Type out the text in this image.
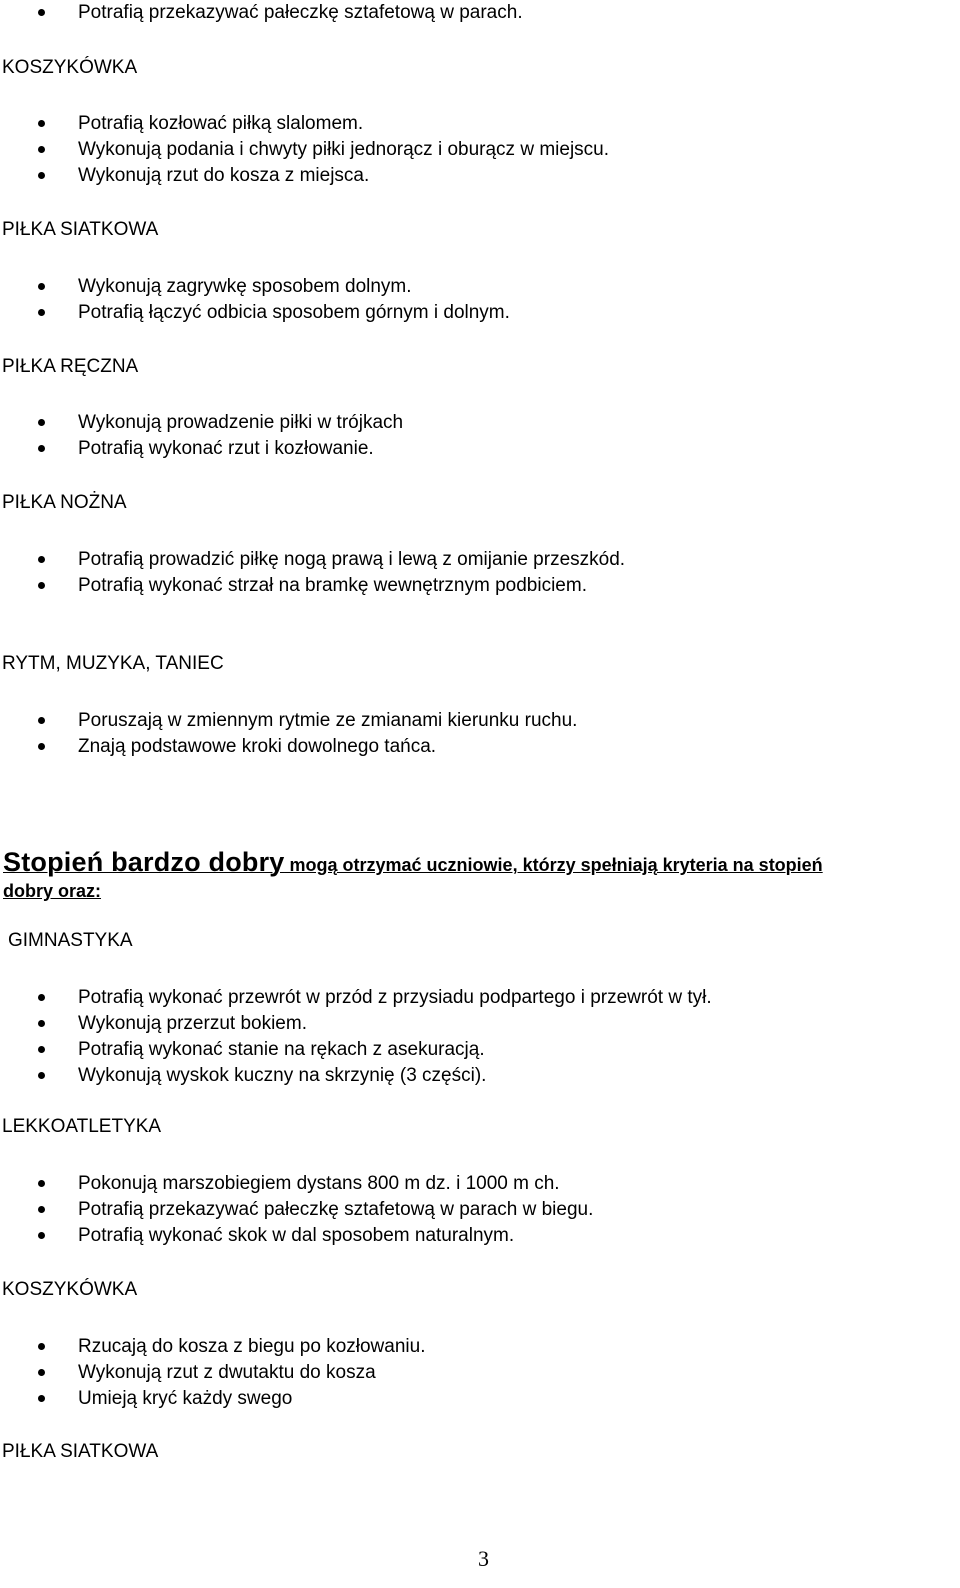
Potrafią przekazywać pałeczkę sztafetową w parach.
KOSZYKÓWKA
Potrafią kozłować piłką slalomem.
Wykonują podania i chwyty piłki jednorącz i oburącz w miejscu.
Wykonują rzut do kosza z miejsca.
PIŁKA SIATKOWA
Wykonują zagrywkę sposobem dolnym.
Potrafią łączyć odbicia sposobem górnym i dolnym.
PIŁKA RĘCZNA
Wykonują prowadzenie piłki w trójkach
Potrafią wykonać rzut i kozłowanie.
PIŁKA NOŻNA
Potrafią prowadzić piłkę nogą prawą i lewą z omijanie przeszkód.
Potrafią wykonać strzał na bramkę wewnętrznym podbiciem.
RYTM, MUZYKA, TANIEC
Poruszają w zmiennym rytmie ze zmianami kierunku ruchu.
Znają podstawowe kroki dowolnego tańca.
Stopień bardzo dobry mogą otrzymać uczniowie, którzy spełniają kryteria na stopień
dobry oraz:
GIMNASTYKA
Potrafią wykonać przewrót w przód z przysiadu podpartego i przewrót w tył.
Wykonują przerzut bokiem.
Potrafią wykonać stanie na rękach z asekuracją.
Wykonują wyskok kuczny na skrzynię (3 części).
LEKKOATLETYKA
Pokonują marszobiegiem dystans 800 m dz. i 1000 m ch.
Potrafią przekazywać pałeczkę sztafetową w parach w biegu.
Potrafią wykonać skok w dal sposobem naturalnym.
KOSZYKÓWKA
Rzucają do kosza z biegu po kozłowaniu.
Wykonują rzut z dwutaktu do kosza
Umieją kryć każdy swego
PIŁKA SIATKOWA
3
